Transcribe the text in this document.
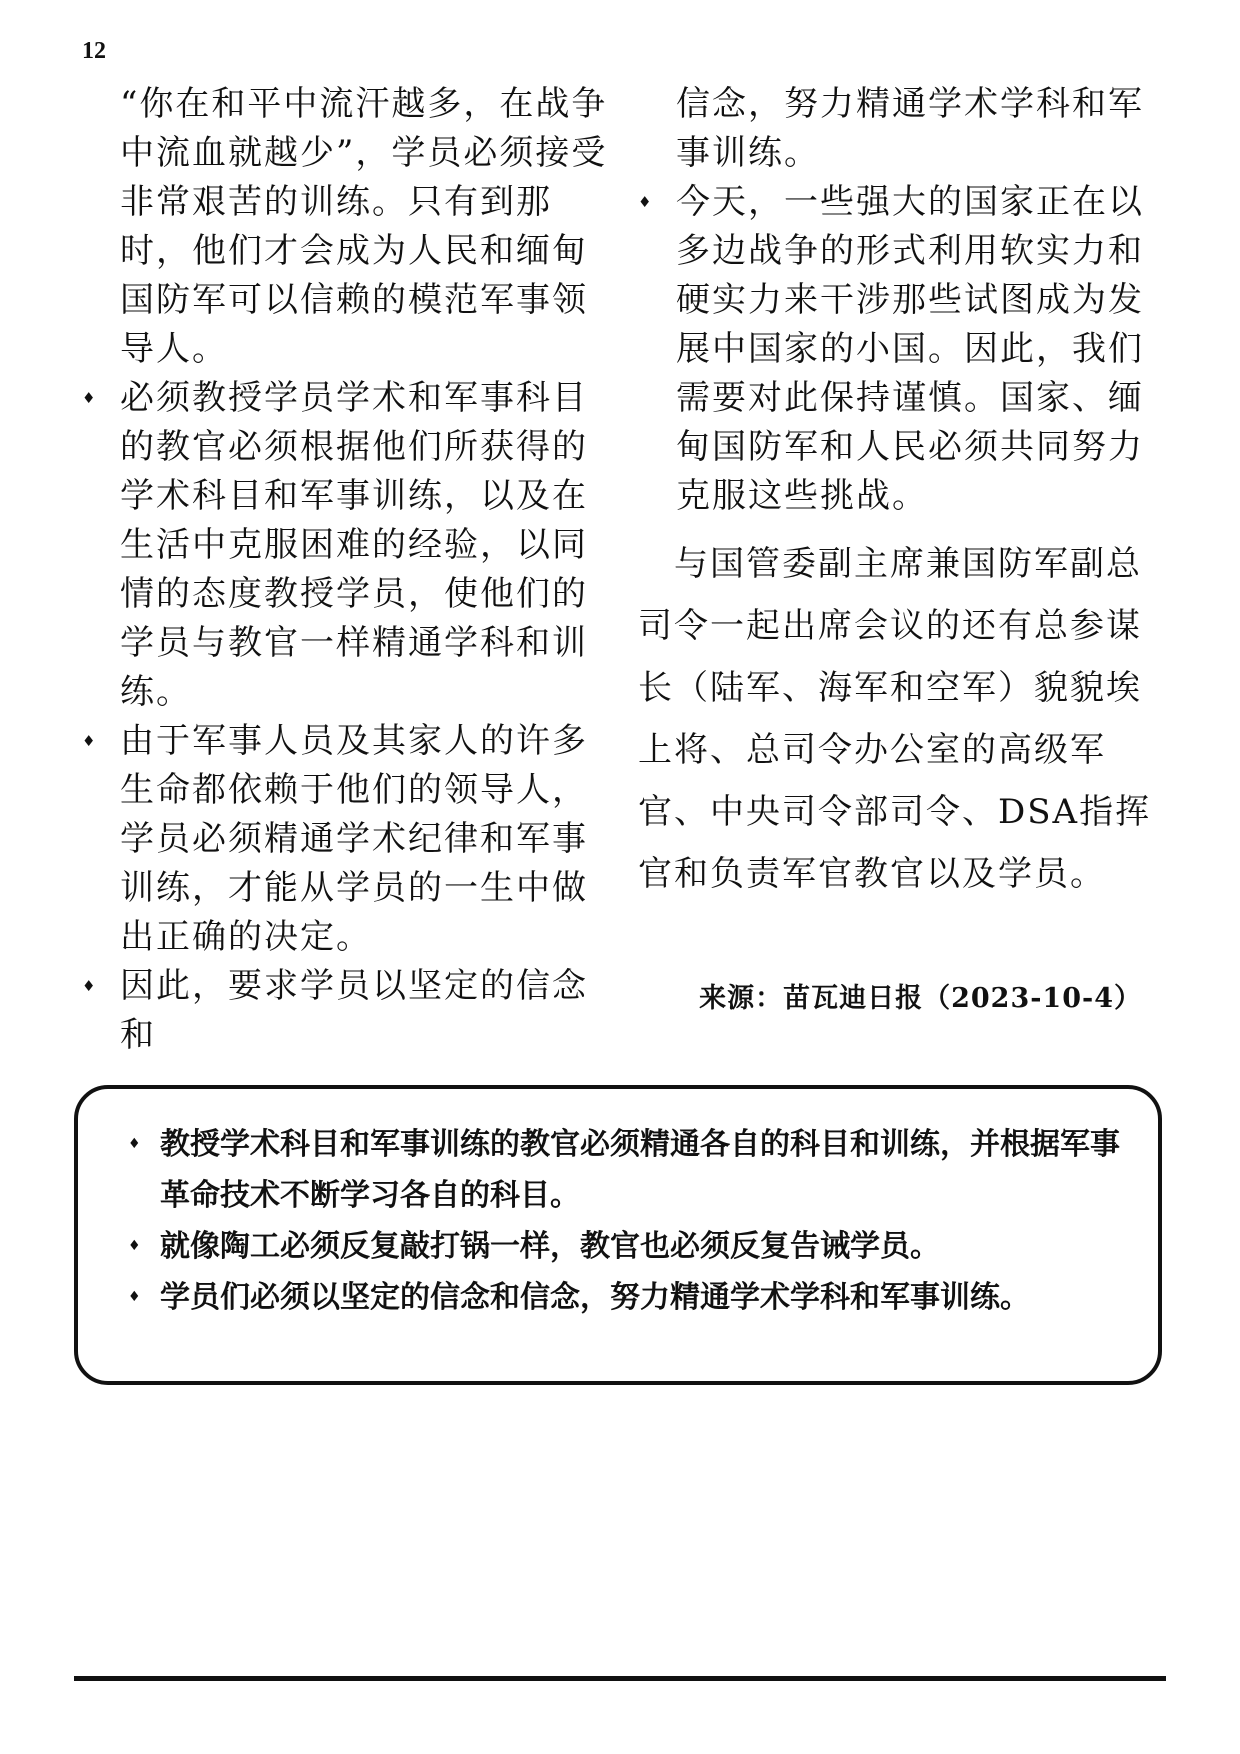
12

“你在和平中流汗越多，在战争中流血就越少”，学员必须接受非常艰苦的训练。只有到那时，他们才会成为人民和缅甸国防军可以信赖的模范军事领导人。

♦ 必须教授学员学术和军事科目的教官必须根据他们所获得的学术科目和军事训练，以及在生活中克服困难的经验，以同情的态度教授学员，使他们的学员与教官一样精通学科和训练。

♦ 由于军事人员及其家人的许多生命都依赖于他们的领导人，学员必须精通学术纪律和军事训练，才能从学员的一生中做出正确的决定。

♦ 因此，要求学员以坚定的信念和

信念，努力精通学术学科和军事训练。

♦ 今天，一些强大的国家正在以多边战争的形式利用软实力和硬实力来干涉那些试图成为发展中国家的小国。因此，我们需要对此保持谨慎。国家、缅甸国防军和人民必须共同努力克服这些挑战。

与国管委副主席兼国防军副总司令一起出席会议的还有总参谋长（陆军、海军和空军）貌貌埃上将、总司令办公室的高级军官、中央司令部司令、DSA指挥官和负责军官教官以及学员。

来源：苗瓦迪日报（2023-10-4）
♦ 教授学术科目和军事训练的教官必须精通各自的科目和训练，并根据军事革命技术不断学习各自的科目。
♦ 就像陶工必须反复敲打锅一样，教官也必须反复告诫学员。
♦ 学员们必须以坚定的信念和信念，努力精通学术学科和军事训练。
